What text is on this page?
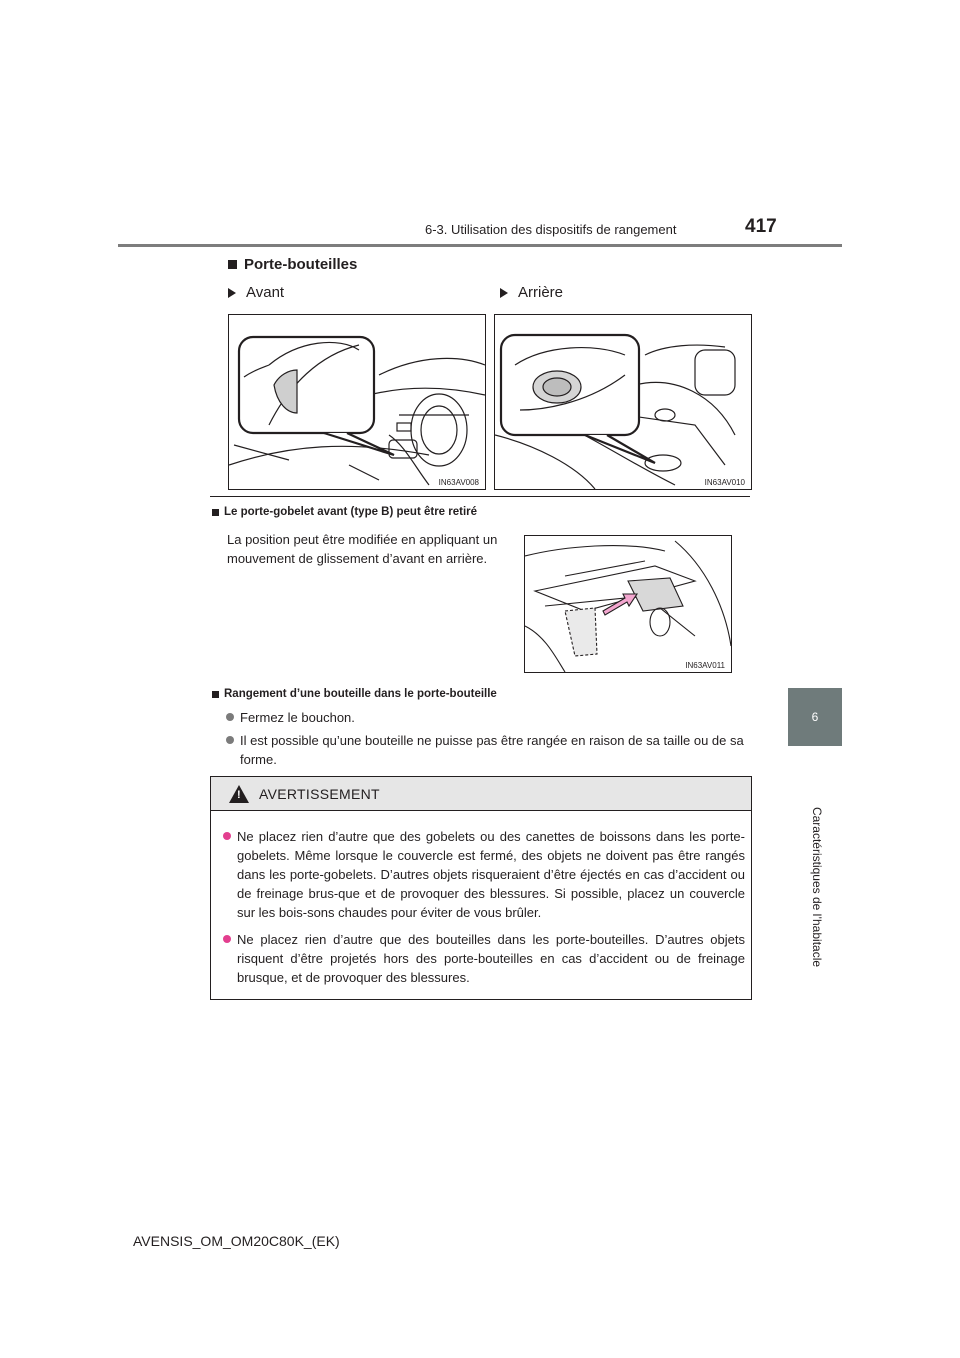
6-3. Utilisation des dispositifs de rangement	417
6
Caractéristiques de l’habitacle
Porte-bouteilles
Avant	Arrière
IN63AV008	IN63AV010
Le porte-gobelet avant (type B) peut être retiré
La position peut être modifiée en appliquant un mouvement de glissement d’avant en arrière.
IN63AV011
Rangement d’une bouteille dans le porte-bouteille
Fermez le bouchon.
Il est possible qu’une bouteille ne puisse pas être rangée en raison de sa taille ou de sa forme.
! AVERTISSEMENT
Ne placez rien d’autre que des gobelets ou des canettes de boissons dans les porte-gobelets. Même lorsque le couvercle est fermé, des objets ne doivent pas être rangés dans les porte-gobelets. D’autres objets risqueraient d’être éjectés en cas d’accident ou de freinage brus-que et de provoquer des blessures. Si possible, placez un couvercle sur les bois-sons chaudes pour éviter de vous brûler.
Ne placez rien d’autre que des bouteilles dans les porte-bouteilles. D’autres objets risquent d’être projetés hors des porte-bouteilles en cas d’accident ou de freinage brusque, et de provoquer des blessures.
AVENSIS_OM_OM20C80K_(EK)
